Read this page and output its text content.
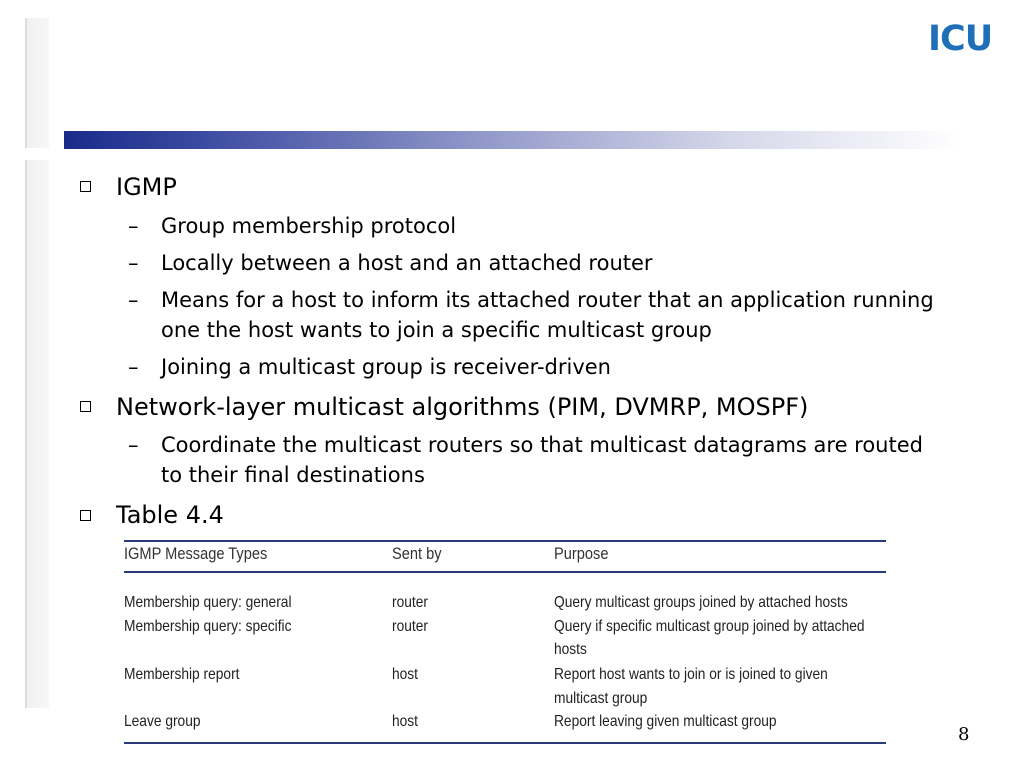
ICU
IGMP
– Group membership protocol
– Locally between a host and an attached router
– Means for a host to inform its attached router that an application running one the host wants to join a specific multicast group
– Joining a multicast group is receiver-driven
Network-layer multicast algorithms (PIM, DVMRP, MOSPF)
– Coordinate the multicast routers so that multicast datagrams are routed to their final destinations
Table 4.4
IGMP Message Types	Sent by	Purpose
Membership query: general	router	Query multicast groups joined by attached hosts
Membership query: specific	router	Query if specific multicast group joined by attached
hosts
Membership report	host	Report host wants to join or is joined to given
multicast group
Leave group	host	Report leaving given multicast group
8
